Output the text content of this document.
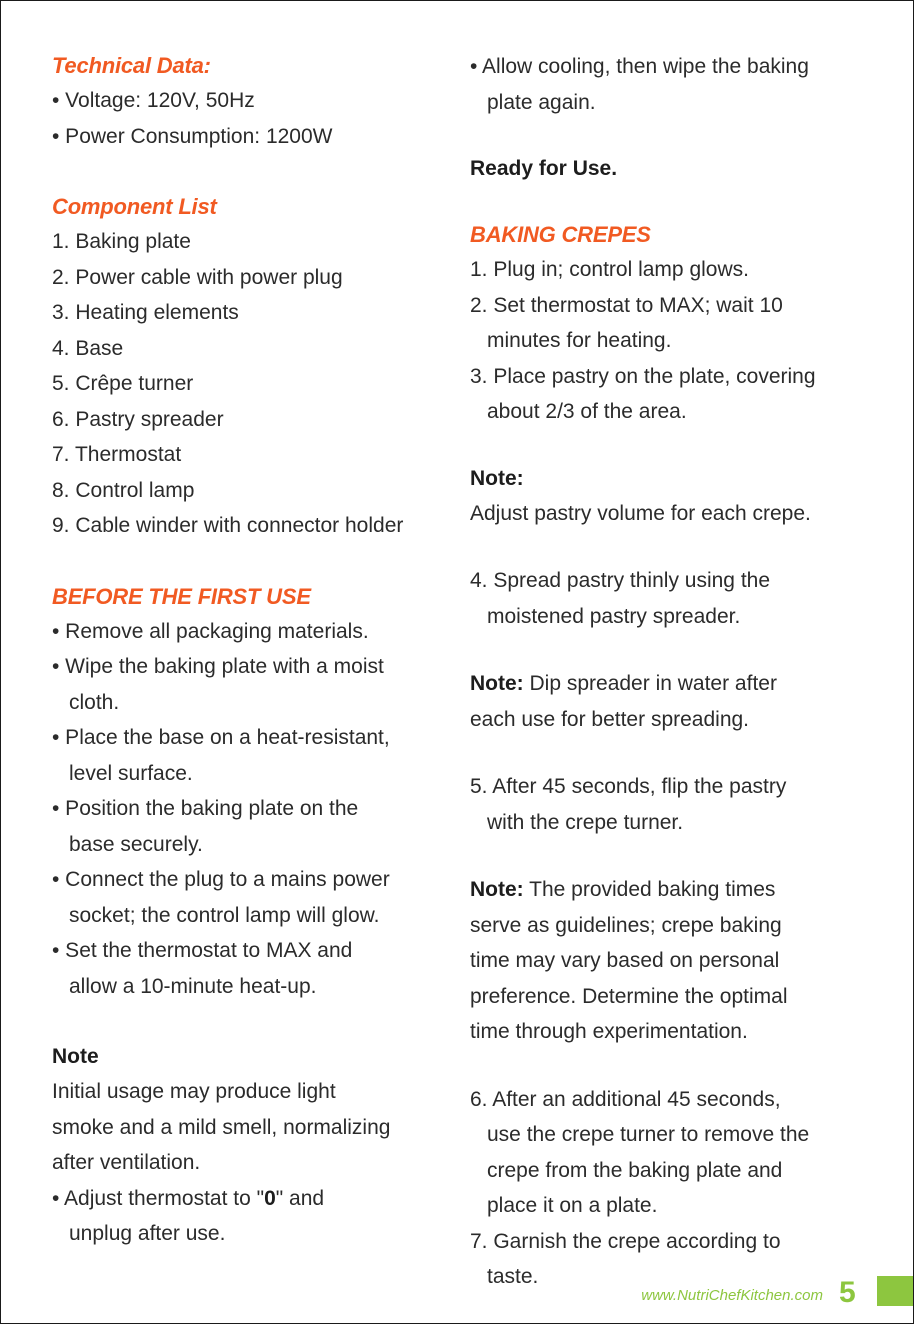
Technical Data:

• Voltage: 120V, 50Hz

• Power Consumption: 1200W

Component List

1. Baking plate

2. Power cable with power plug

3. Heating elements

4. Base

5. Crêpe turner

6. Pastry spreader

7. Thermostat

8. Control lamp

9. Cable winder with connector holder

BEFORE THE FIRST USE

• Remove all packaging materials.

• Wipe the baking plate with a moist

cloth.

• Place the base on a heat-resistant,

level surface.

• Position the baking plate on the

base securely.

• Connect the plug to a mains power

socket; the control lamp will glow.

• Set the thermostat to MAX and

allow a 10-minute heat-up.

Note

Initial usage may produce light

smoke and a mild smell, normalizing

after ventilation.

• Adjust thermostat to "0" and

unplug after use.

• Allow cooling, then wipe the baking

plate again.

Ready for Use.

BAKING CREPES

1. Plug in; control lamp glows.

2. Set thermostat to MAX; wait 10

minutes for heating.

3. Place pastry on the plate, covering

about 2/3 of the area.

Note:

Adjust pastry volume for each crepe.

4. Spread pastry thinly using the

moistened pastry spreader.

Note: Dip spreader in water after

each use for better spreading.

5. After 45 seconds, flip the pastry

with the crepe turner.

Note: The provided baking times

serve as guidelines; crepe baking

time may vary based on personal

preference. Determine the optimal

time through experimentation.

6. After an additional 45 seconds,

use the crepe turner to remove the

crepe from the baking plate and

place it on a plate.

7. Garnish the crepe according to

taste.

www.NutriChefKitchen.com 5
